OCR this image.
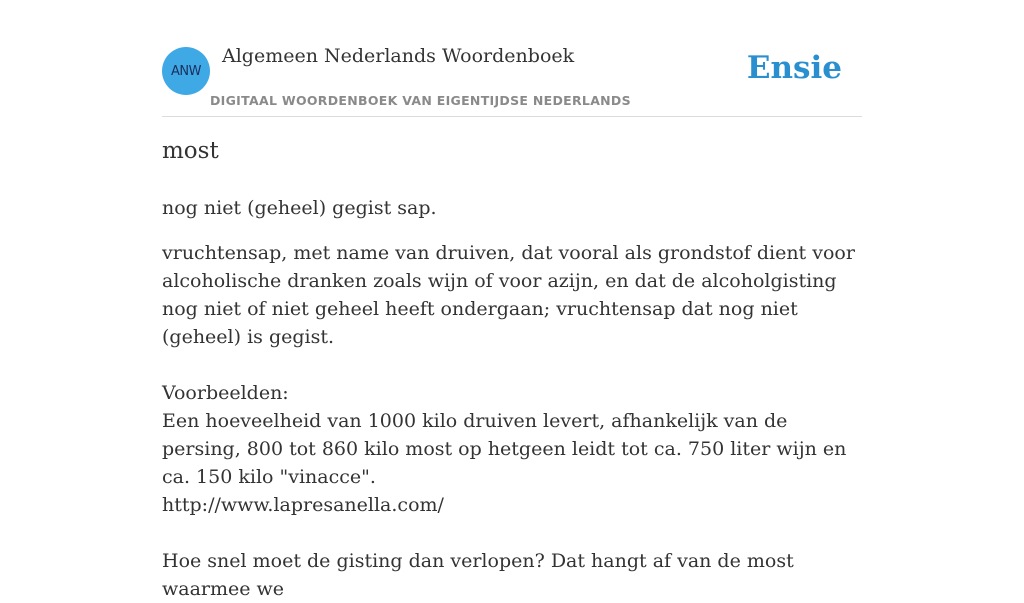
ANW
Algemeen Nederlands Woordenboek
DIGITAAL WOORDENBOEK VAN EIGENTIJDSE NEDERLANDS
Ensie
most
nog niet (geheel) gegist sap.

vruchtensap, met name van druiven, dat vooral als grondstof dient voor alcoholische dranken zoals wijn of voor azijn, en dat de alcoholgisting nog niet of niet geheel heeft ondergaan; vruchtensap dat nog niet (geheel) is gegist.

Voorbeelden:

Een hoeveelheid van 1000 kilo druiven levert, afhankelijk van de persing, 800 tot 860 kilo most op hetgeen leidt tot ca. 750 liter wijn en ca. 150 kilo "vinacce".

http://www.lapresanella.com/

Hoe snel moet de gisting dan verlopen? Dat hangt af van de most waarmee we
